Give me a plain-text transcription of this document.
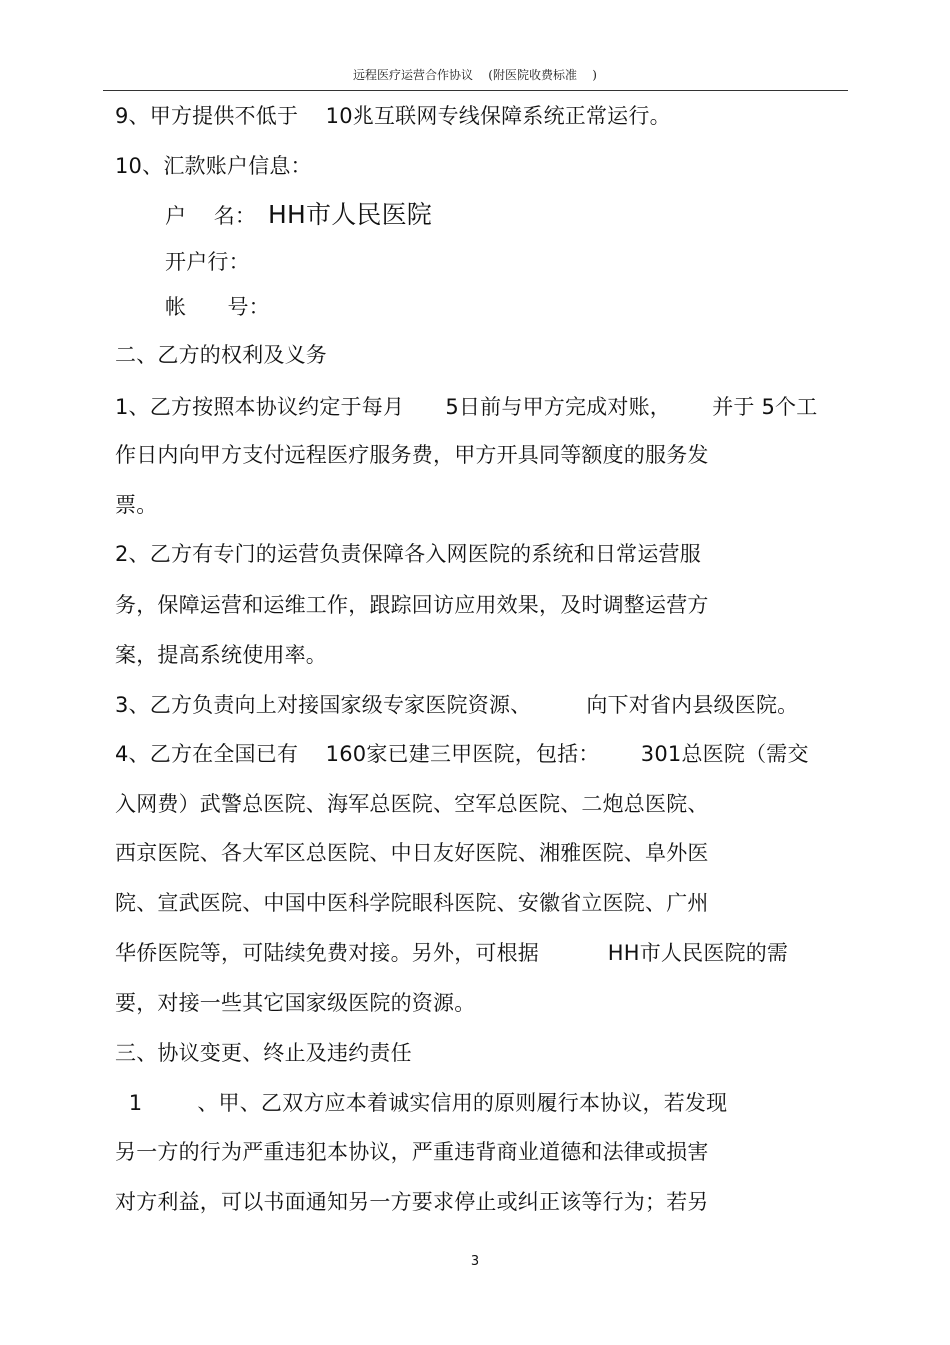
远程医疗运营合作协议    (附医院收费标准    )
9、甲方提供不低于    10兆互联网专线保障系统正常运行。
10、汇款账户信息：
户    名： HH市人民医院
开户行：
帐      号：
二、乙方的权利及义务
1、乙方按照本协议约定于每月      5日前与甲方完成对账，      并于 5个工
作日内向甲方支付远程医疗服务费，甲方开具同等额度的服务发
票。
2、乙方有专门的运营负责保障各入网医院的系统和日常运营服
务，保障运营和运维工作，跟踪回访应用效果，及时调整运营方
案，提高系统使用率。
3、乙方负责向上对接国家级专家医院资源、        向下对省内县级医院。
4、乙方在全国已有    160家已建三甲医院，包括：      301总医院（需交
入网费）武警总医院、海军总医院、空军总医院、二炮总医院、
西京医院、各大军区总医院、中日友好医院、湘雅医院、阜外医
院、宣武医院、中国中医科学院眼科医院、安徽省立医院、广州
华侨医院等，可陆续免费对接。另外，可根据          HH市人民医院的需
要，对接一些其它国家级医院的资源。
三、协议变更、终止及违约责任
1        、甲、乙双方应本着诚实信用的原则履行本协议，若发现
另一方的行为严重违犯本协议，严重违背商业道德和法律或损害
对方利益，可以书面通知另一方要求停止或纠正该等行为；若另
3
